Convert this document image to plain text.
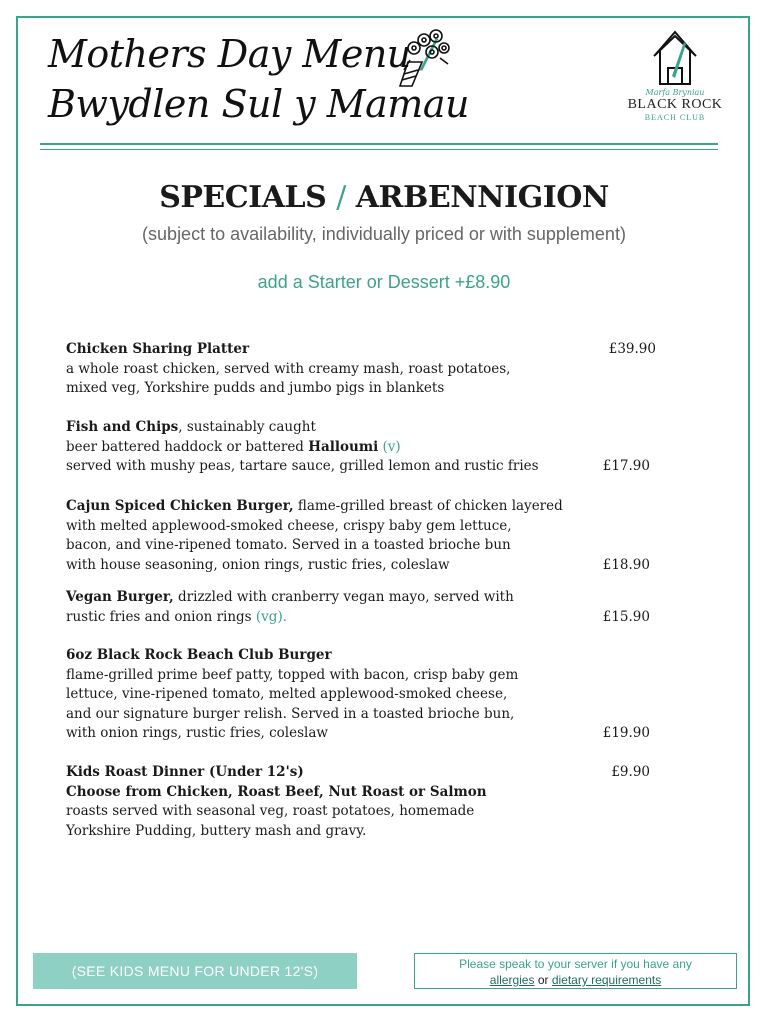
Mothers Day Menu /
Bwydlen Sul y Mamau	Marfa Bryniau
BLACK ROCK
BEACH CLUB
SPECIALS / ARBENNIGION
(subject to availability, individually priced or with supplement)
add a Starter or Dessert +£8.90
Chicken Sharing Platter	£39.90
a whole roast chicken, served with creamy mash, roast potatoes,
mixed veg, Yorkshire pudds and jumbo pigs in blankets
Fish and Chips, sustainably caught
beer battered haddock or battered Halloumi (v)
served with mushy peas, tartare sauce, grilled lemon and rustic fries	£17.90
Cajun Spiced Chicken Burger, flame-grilled breast of chicken layered
with melted applewood-smoked cheese, crispy baby gem lettuce,
bacon, and vine-ripened tomato. Served in a toasted brioche bun
with house seasoning, onion rings, rustic fries, coleslaw	£18.90
Vegan Burger, drizzled with cranberry vegan mayo, served with
rustic fries and onion rings (vg).	£15.90
6oz Black Rock Beach Club Burger
flame-grilled prime beef patty, topped with bacon, crisp baby gem
lettuce, vine-ripened tomato, melted applewood-smoked cheese,
and our signature burger relish. Served in a toasted brioche bun,
with onion rings, rustic fries, coleslaw	£19.90
Kids Roast Dinner (Under 12's)	£9.90
Choose from Chicken, Roast Beef, Nut Roast or Salmon
roasts served with seasonal veg, roast potatoes, homemade
Yorkshire Pudding, buttery mash and gravy.
(SEE KIDS MENU FOR UNDER 12'S)	Please speak to your server if you have any
allergies or dietary requirements
